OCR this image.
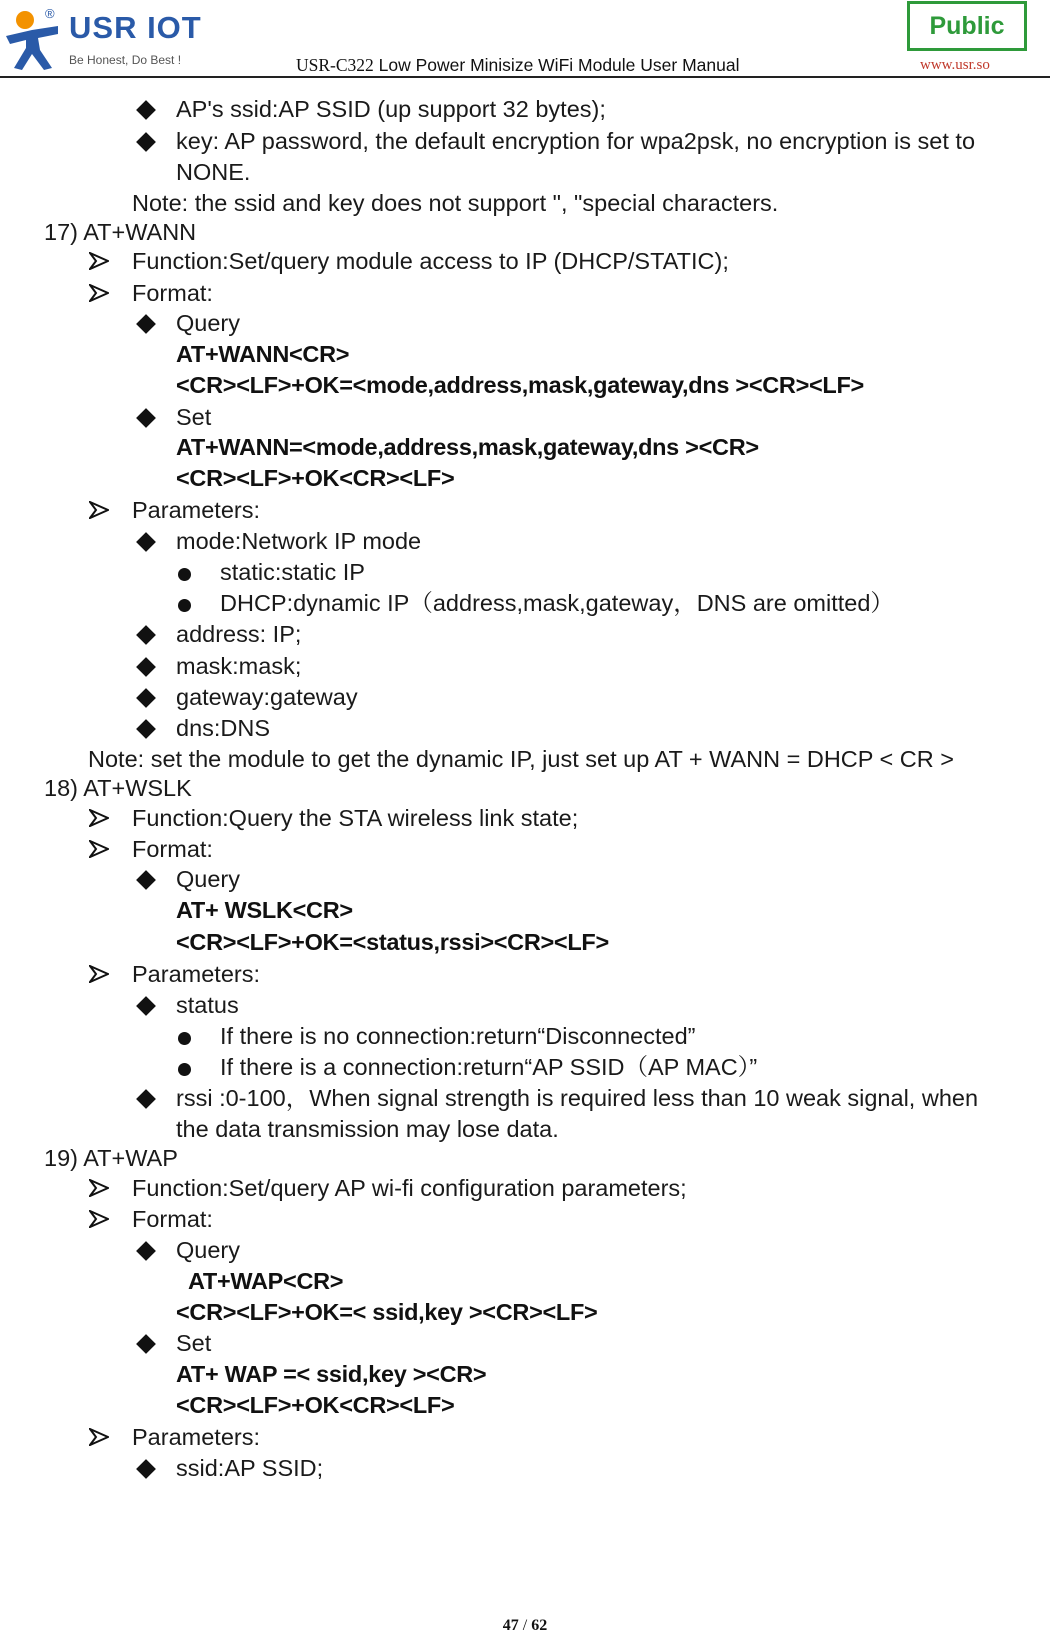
® USR IOT
Be Honest, Do Best !	USR-C322 Low Power Minisize WiFi Module User Manual
Public
www.usr.so
AP's ssid:AP SSID (up support 32 bytes);
key: AP password, the default encryption for wpa2psk, no encryption is set to
NONE.
Note: the ssid and key does not support ", "special characters.
17) AT+WANN
Function:Set/query module access to IP (DHCP/STATIC);
Format:
Query
AT+WANN<CR>
<CR><LF>+OK=<mode,address,mask,gateway,dns ><CR><LF>
Set
AT+WANN=<mode,address,mask,gateway,dns ><CR>
<CR><LF>+OK<CR><LF>
Parameters:
mode:Network IP mode
static:static IP
DHCP:dynamic IP（address,mask,gateway，DNS are omitted）
address: IP;
mask:mask;
gateway:gateway
dns:DNS
Note: set the module to get the dynamic IP, just set up AT + WANN = DHCP < CR >
18) AT+WSLK
Function:Query the STA wireless link state;
Format:
Query
AT+ WSLK<CR>
<CR><LF>+OK=<status,rssi><CR><LF>
Parameters:
status
If there is no connection:return“Disconnected”
If there is a connection:return“AP SSID（AP MAC）”
rssi :0-100，When signal strength is required less than 10 weak signal, when
the data transmission may lose data.
19) AT+WAP
Function:Set/query AP wi-fi configuration parameters;
Format:
Query
AT+WAP<CR>
<CR><LF>+OK=< ssid,key ><CR><LF>
Set
AT+ WAP =< ssid,key ><CR>
<CR><LF>+OK<CR><LF>
Parameters:
ssid:AP SSID;
47 / 62
